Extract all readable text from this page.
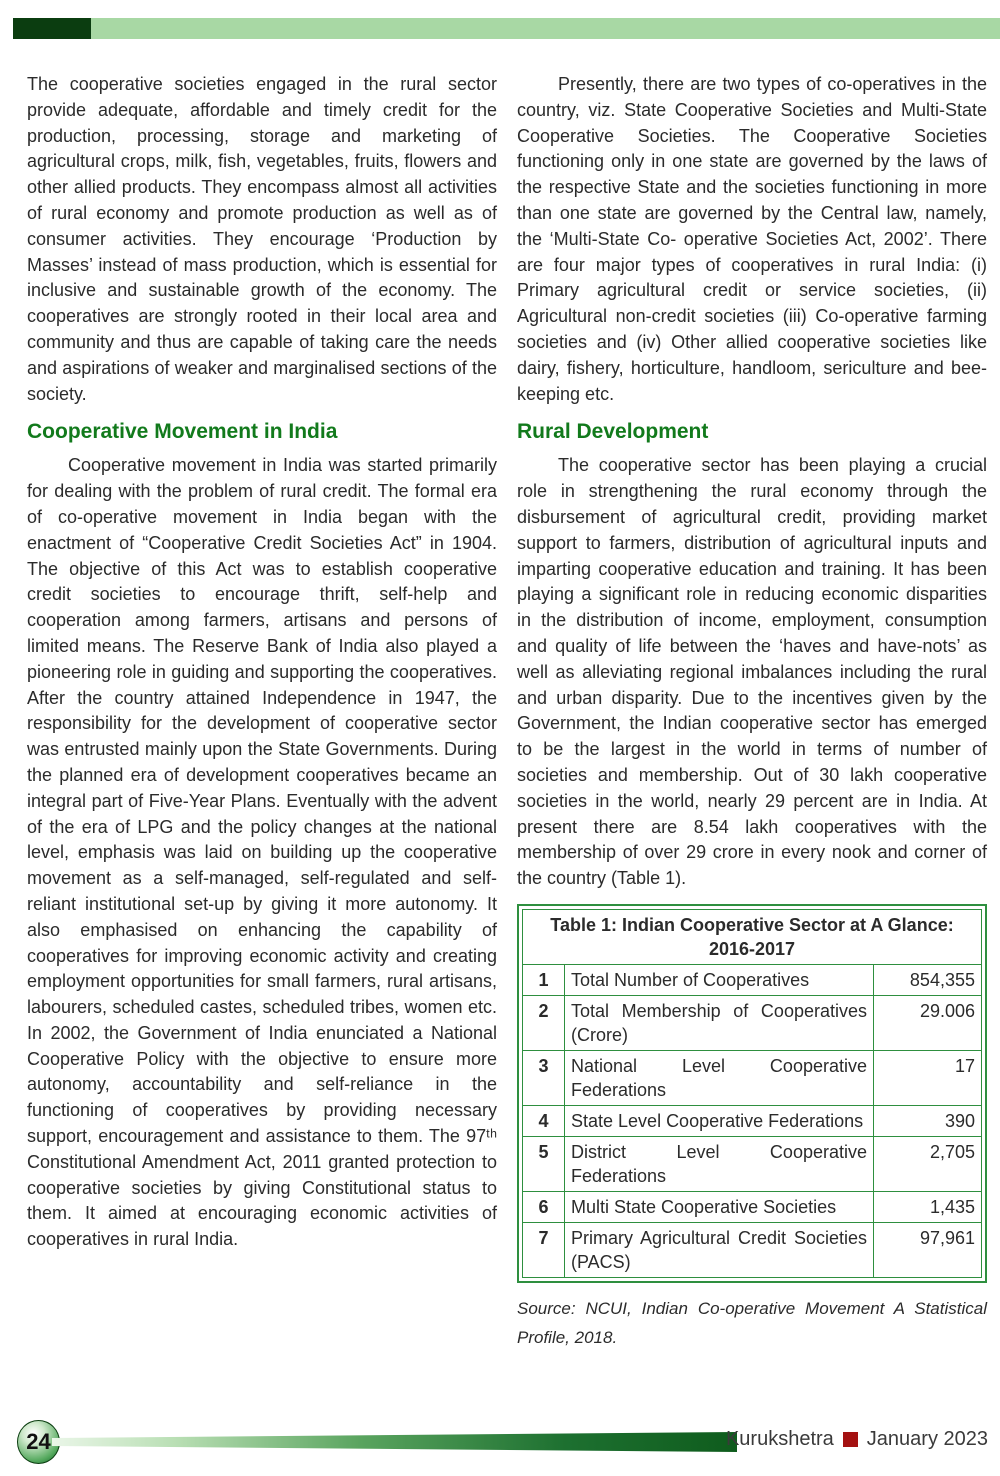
The cooperative societies engaged in the rural sector provide adequate, affordable and timely credit for the production, processing, storage and marketing of agricultural crops, milk, fish, vegetables, fruits, flowers and other allied products. They encompass almost all activities of rural economy and promote production as well as of consumer activities. They encourage ‘Production by Masses’ instead of mass production, which is essential for inclusive and sustainable growth of the economy. The cooperatives are strongly rooted in their local area and community and thus are capable of taking care the needs and aspirations of weaker and marginalised sections of the society.

Cooperative Movement in India

Cooperative movement in India was started primarily for dealing with the problem of rural credit. The formal era of co-operative movement in India began with the enactment of “Cooperative Credit Societies Act” in 1904. The objective of this Act was to establish cooperative credit societies to encourage thrift, self-help and cooperation among farmers, artisans and persons of limited means. The Reserve Bank of India also played a pioneering role in guiding and supporting the cooperatives. After the country attained Independence in 1947, the responsibility for the development of cooperative sector was entrusted mainly upon the State Governments. During the planned era of development cooperatives became an integral part of Five-Year Plans. Eventually with the advent of the era of LPG and the policy changes at the national level, emphasis was laid on building up the cooperative movement as a self-managed, self-regulated and self-reliant institutional set-up by giving it more autonomy. It also emphasised on enhancing the capability of cooperatives for improving economic activity and creating employment opportunities for small farmers, rural artisans, labourers, scheduled castes, scheduled tribes, women etc. In 2002, the Government of India enunciated a National Cooperative Policy with the objective to ensure more autonomy, accountability and self-reliance in the functioning of cooperatives by providing necessary support, encouragement and assistance to them. The 97ᵗʰ Constitutional Amendment Act, 2011 granted protection to cooperative societies by giving Constitutional status to them. It aimed at encouraging economic activities of cooperatives in rural India.

Presently, there are two types of co-operatives in the country, viz. State Cooperative Societies and Multi-State Cooperative Societies. The Cooperative Societies functioning only in one state are governed by the laws of the respective State and the societies functioning in more than one state are governed by the Central law, namely, the ‘Multi-State Co- operative Societies Act, 2002’. There are four major types of cooperatives in rural India: (i) Primary agricultural credit or service societies, (ii) Agricultural non-credit societies (iii) Co-operative farming societies and (iv) Other allied cooperative societies like dairy, fishery, horticulture, handloom, sericulture and bee-keeping etc.

Rural Development

The cooperative sector has been playing a crucial role in strengthening the rural economy through the disbursement of agricultural credit, providing market support to farmers, distribution of agricultural inputs and imparting cooperative education and training. It has been playing a significant role in reducing economic disparities in the distribution of income, employment, consumption and quality of life between the ‘haves and have-nots’ as well as alleviating regional imbalances including the rural and urban disparity. Due to the incentives given by the Government, the Indian cooperative sector has emerged to be the largest in the world in terms of number of societies and membership. Out of 30 lakh cooperative societies in the world, nearly 29 percent are in India. At present there are 8.54 lakh cooperatives with the membership of over 29 crore in every nook and corner of the country (Table 1).

Table 1: Indian Cooperative Sector at A Glance:
2016-2017		
1	Total Number of Cooperatives	854,355
2	Total Membership of Cooperatives (Crore)	29.006
3	National Level Cooperative Federations	17
4	State Level Cooperative Federations	390
5	District Level Cooperative Federations	2,705
6	Multi State Cooperative Societies	1,435
7	Primary Agricultural Credit Societies (PACS)	97,961

Source: NCUI, Indian Co-operative Movement A Statistical Profile, 2018.

24	Kurukshetra January 2023
